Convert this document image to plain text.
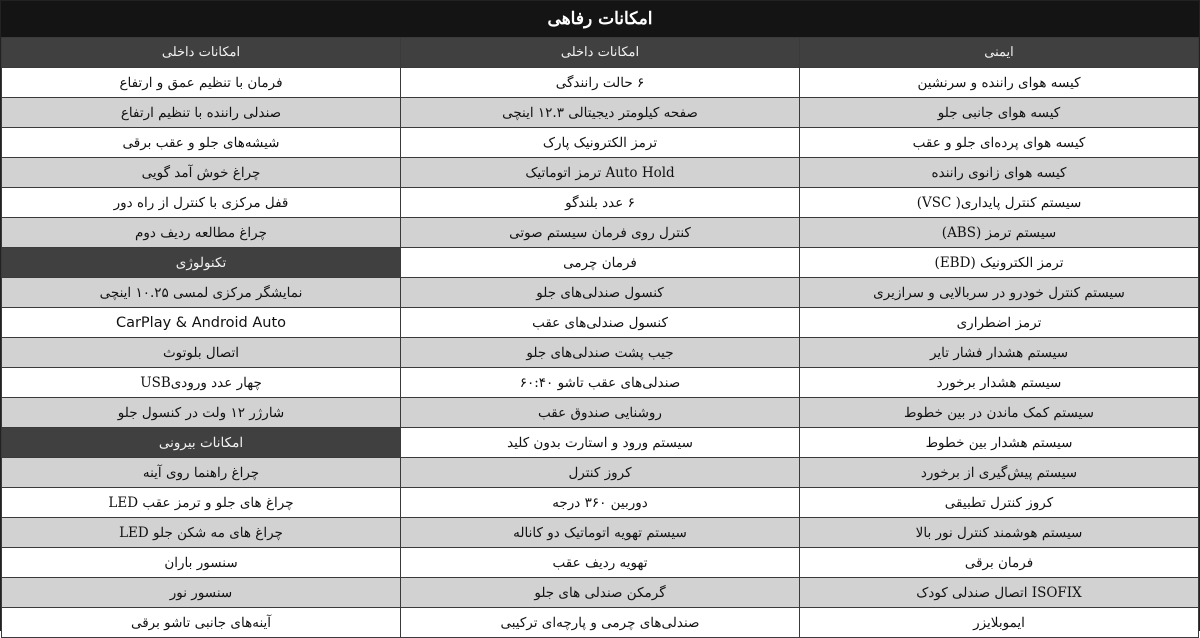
امکانات رفاهی
امکانات داخلی	امکانات داخلی	ایمنی
فرمان با تنظیم عمق و ارتفاع	۶ حالت رانندگی	کیسه هوای راننده و سرنشین
صندلی راننده با تنظیم ارتفاع	صفحه کیلومتر دیجیتالی ۱۲.۳ اینچی	کیسه هوای جانبی جلو
شیشه‌های جلو و عقب برقی	ترمز الکترونیک پارک	کیسه هوای پرده‌ای جلو و عقب
چراغ خوش آمد گویی	Auto Hold ترمز اتوماتیک	کیسه هوای زانوی راننده
قفل مرکزی با کنترل از راه دور	۶ عدد بلندگو	سیستم کنترل پایداری( VSC)
چراغ مطالعه ردیف دوم	کنترل روی فرمان سیستم صوتی	سیستم ترمز (ABS)
تکنولوژی	فرمان چرمی	ترمز الکترونیک (EBD)
نمایشگر مرکزی لمسی ۱۰.۲۵ اینچی	کنسول صندلی‌های جلو	سیستم کنترل خودرو در سربالایی و سرازیری
CarPlay & Android Auto	کنسول صندلی‌های عقب	ترمز اضطراری
اتصال بلوتوث	جیب پشت صندلی‌های جلو	سیستم هشدار فشار تایر
چهار عدد ورودیUSB	صندلی‌های عقب تاشو ۶۰:۴۰	سیستم هشدار برخورد
شارژر ۱۲ ولت در کنسول جلو	روشنایی صندوق عقب	سیستم کمک ماندن در بین خطوط
امکانات بیرونی	سیستم ورود و استارت بدون کلید	سیستم هشدار بین خطوط
چراغ راهنما روی آینه	کروز کنترل	سیستم پیش‌گیری از برخورد
چراغ های جلو و ترمز عقب LED	دوربین ۳۶۰ درجه	کروز کنترل تطبیقی
چراغ های مه شکن جلو LED	سیستم تهویه اتوماتیک دو کاناله	سیستم هوشمند کنترل نور بالا
سنسور باران	تهویه ردیف عقب	فرمان برقی
سنسور نور	گرمکن صندلی های جلو	ISOFIX اتصال صندلی کودک
آینه‌های جانبی تاشو برقی	صندلی‌های چرمی و پارچه‌ای ترکیبی	ایموبلایزر
